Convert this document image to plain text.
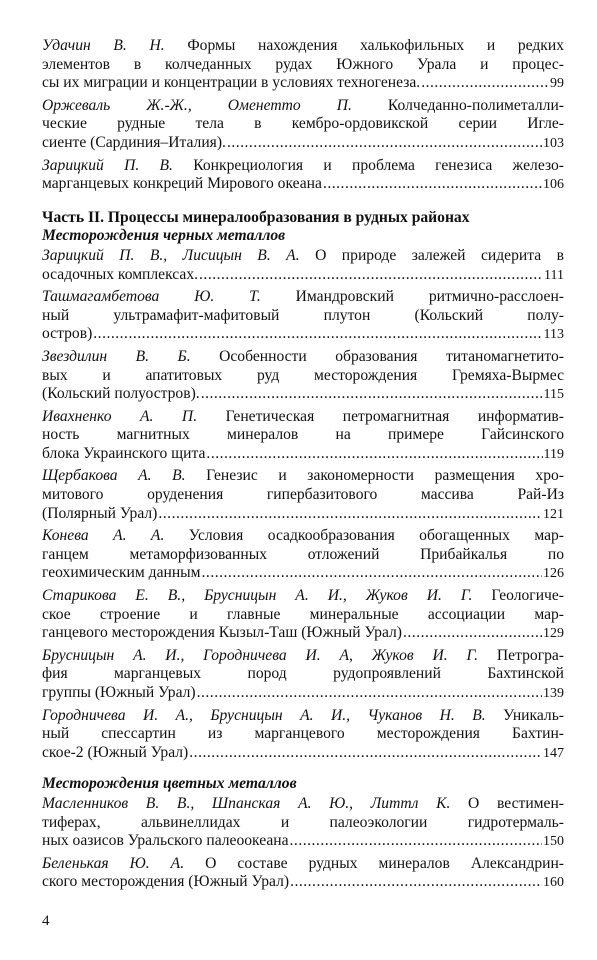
Удачин В. Н. Формы нахождения халькофильных и редких
элементов в колчеданных рудах Южного Урала и процес-
сы их миграции и концентрации в условиях техногенеза. .....	99
Оржеваль Ж.-Ж., Оменетто П. Колчеданно-полиметалли-
ческие рудные тела в кембро-ордовикской серии Иглe-
сиенте (Сардиния–Италия). .....	103
Зарицкий П. В. Конкрециология и проблема генезиса железо-
марганцевых конкреций Мирового океана .....	106
Часть II. Процессы минералообразования в рудных районах
Месторождения черных металлов
Зарицкий П. В., Лисицын В. А. О природе залежей сидерита в
осадочных комплексах. .....	111
Ташмагамбетова Ю. Т. Имандровский ритмично-расслоен-
ный ультрамафит-мафитовый плутон (Кольский полу-
остров) .....	113
Звездилин В. Б. Особенности образования титаномагнетито-
вых и апатитовых руд месторождения Гремяха-Вырмес
(Кольский полуостров). .....	115
Ивахненко А. П. Генетическая петромагнитная информатив-
ность магнитных минералов на примере Гайсинского
блока Украинского щита .....	119
Щербакова А. В. Генезис и закономерности размещения хро-
митового оруденения гипербазитового массива Рай-Из
(Полярный Урал) .....	121
Конева А. А. Условия осадкообразования обогащенных мар-
ганцем метаморфизованных отложений Прибайкалья по
геохимическим данным .....	126
Старикова Е. В., Брусницын А. И., Жуков И. Г. Геологиче-
ское строение и главные минеральные ассоциации мар-
ганцевого месторождения Кызыл-Таш (Южный Урал) .....	129
Брусницын А. И., Городничева И. А, Жуков И. Г. Петрогра-
фия марганцевых пород рудопроявлений Бахтинской
группы (Южный Урал) .....	139
Городничева И. А., Брусницын А. И., Чуканов Н. В. Уникаль-
ный спессартин из марганцевого месторождения Бахтин-
ское-2 (Южный Урал) .....	147
Месторождения цветных металлов
Масленников В. В., Шпанская А. Ю., Литтл К. О вестимен-
тиферах, альвинеллидах и палеоэкологии гидротермаль-
ных оазисов Уральского палеоокеана .....	150
Беленькая Ю. А. О составе рудных минералов Александрин-
ского месторождения (Южный Урал) .....	160
4
